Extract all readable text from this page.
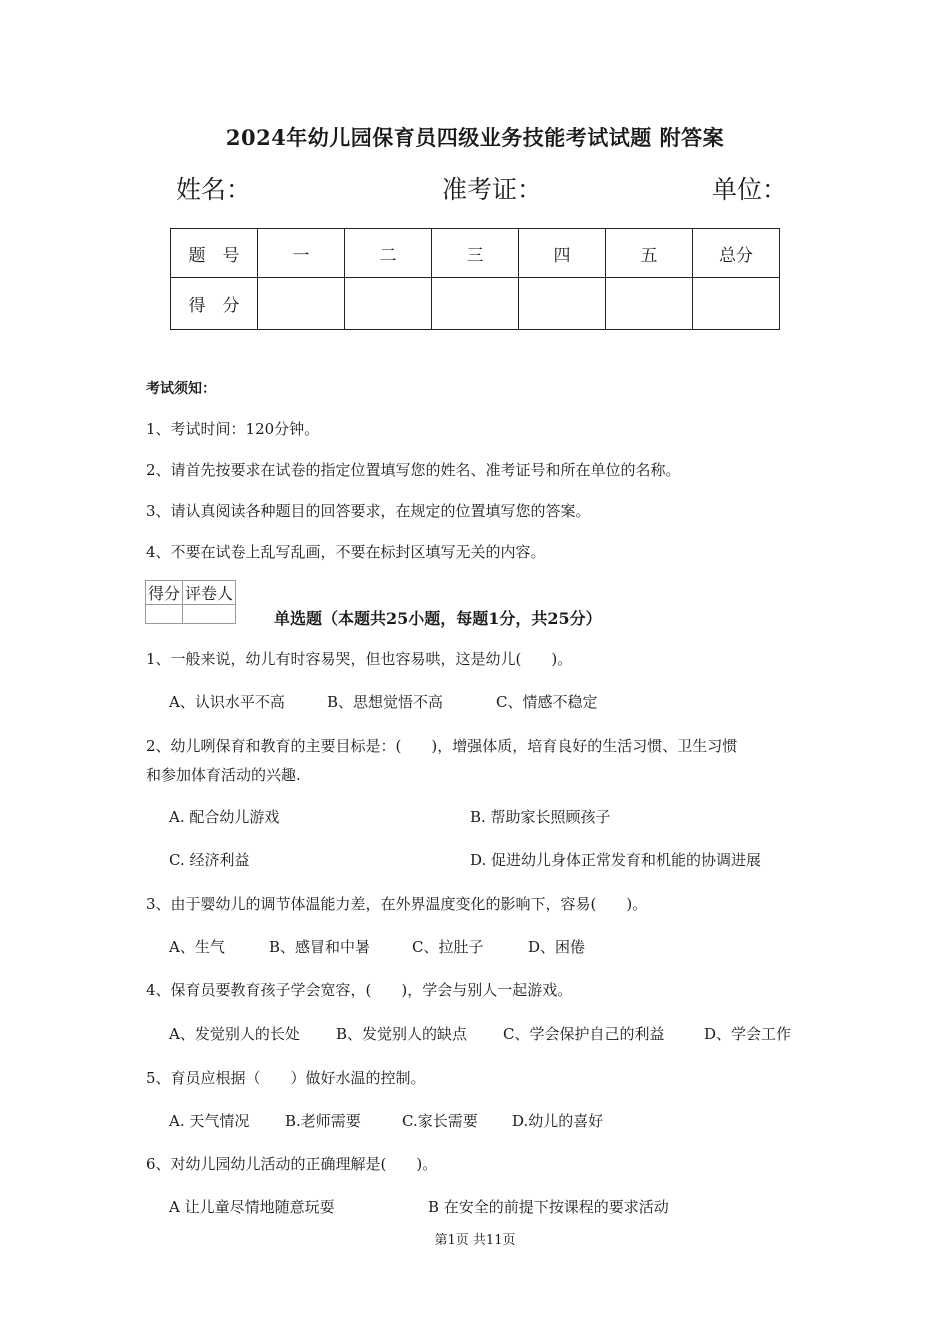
2024年幼儿园保育员四级业务技能考试试题 附答案
姓名：	准考证：	单位：
题　号	一	二	三	四	五	总分
得　分						
考试须知：
1、考试时间：120分钟。
2、请首先按要求在试卷的指定位置填写您的姓名、准考证号和所在单位的名称。
3、请认真阅读各种题目的回答要求，在规定的位置填写您的答案。
4、不要在试卷上乱写乱画，不要在标封区填写无关的内容。
得分	评卷人

单选题（本题共25小题，每题1分，共25分）
1、一般来说，幼儿有时容易哭，但也容易哄，这是幼儿(　　)。
A、认识水平不高	B、思想觉悟不高	C、情感不稳定
2、幼儿咧保育和教育的主要目标是：(　　)，增强体质，培育良好的生活习惯、卫生习惯
和参加体育活动的兴趣.
A. 配合幼儿游戏	B. 帮助家长照顾孩子
C. 经济利益	D. 促进幼儿身体正常发育和机能的协调进展
3、由于婴幼儿的调节体温能力差，在外界温度变化的影响下，容易(　　)。
A、生气	B、感冒和中暑	C、拉肚子	D、困倦
4、保育员要教育孩子学会宽容，(　　)，学会与别人一起游戏。
A、发觉别人的长处 B、发觉别人的缺点 C、学会保护自己的利益	D、学会工作
5、育员应根据（　　）做好水温的控制。
A. 天气情况 B.老师需要	C.家长需要 D.幼儿的喜好
6、对幼儿园幼儿活动的正确理解是(　　)。
A 让儿童尽情地随意玩耍	B 在安全的前提下按课程的要求活动
第1页 共11页
